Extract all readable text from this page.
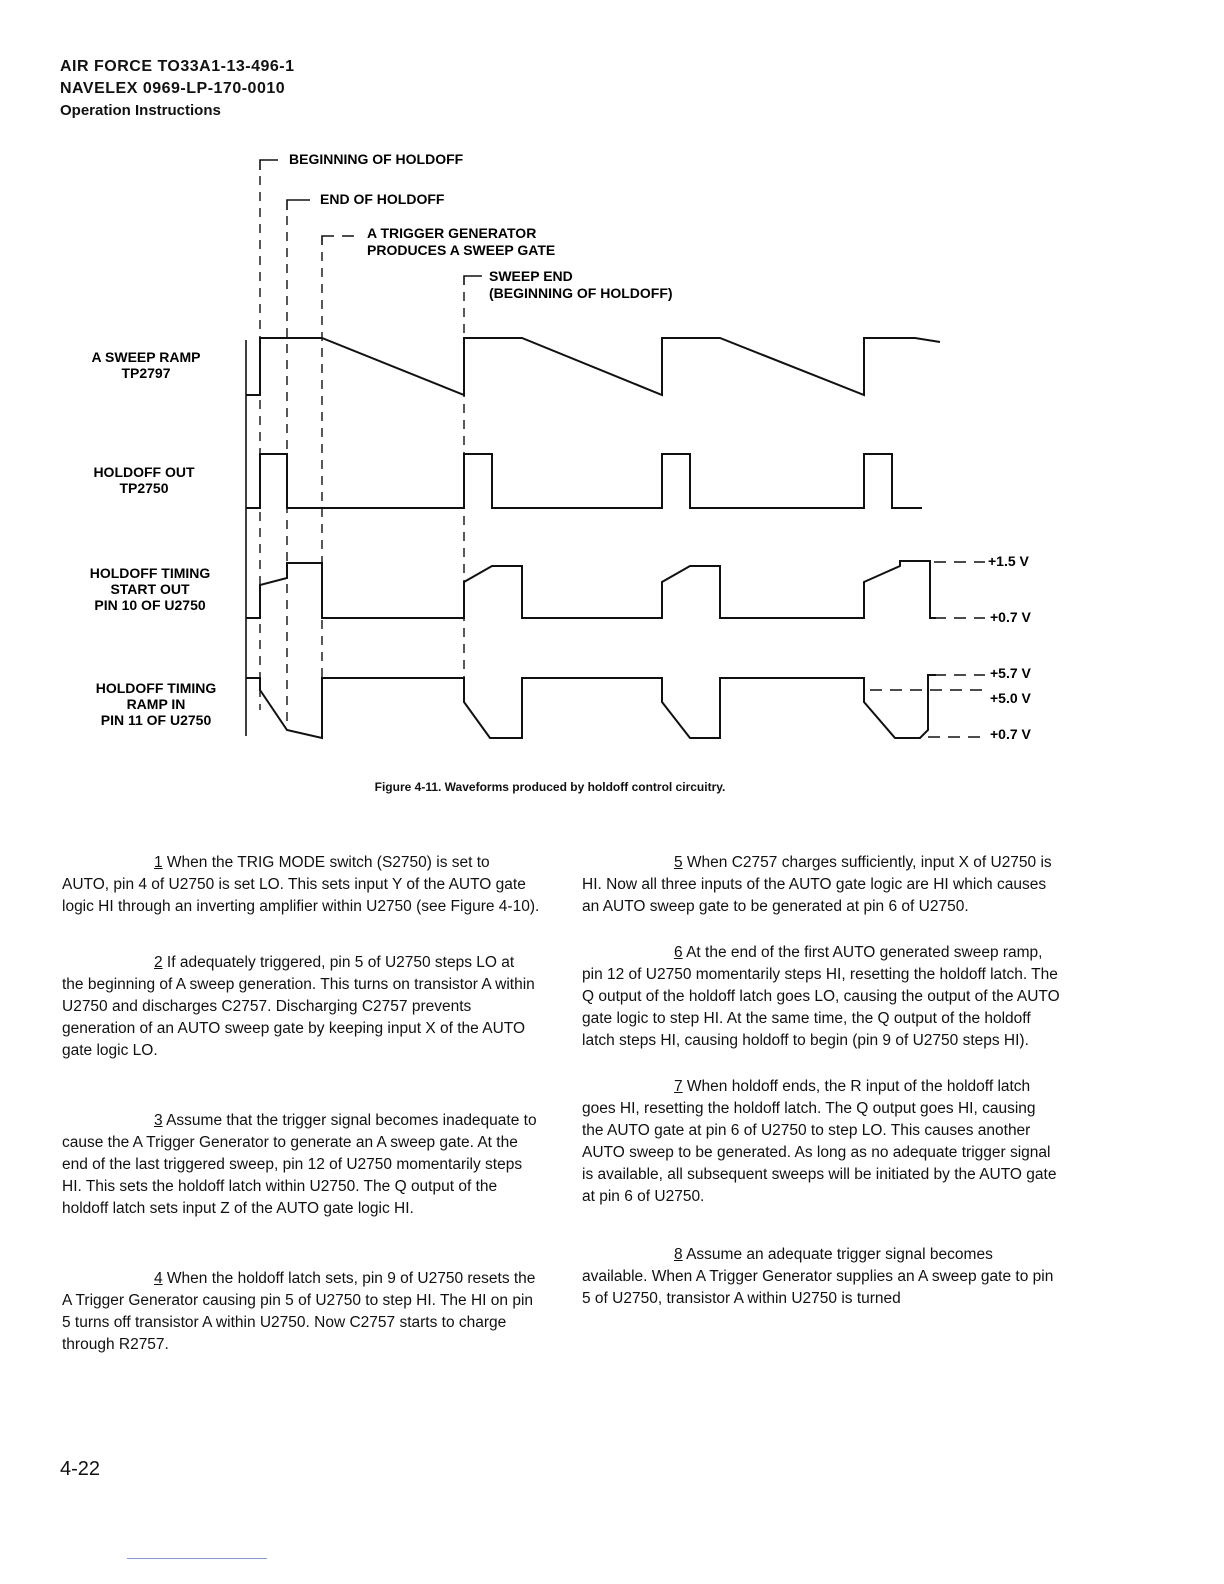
AIR FORCE TO33A1-13-496-1
NAVELEX 0969-LP-170-0010
Operation Instructions
BEGINNING OF HOLDOFF
END OF HOLDOFF
A TRIGGER GENERATOR
PRODUCES A SWEEP GATE
SWEEP END
(BEGINNING OF HOLDOFF)
A SWEEP RAMP
TP2797
HOLDOFF OUT
TP2750
HOLDOFF TIMING
START OUT
PIN 10 OF U2750
HOLDOFF TIMING
RAMP IN
PIN 11 OF U2750
+1.5 V
+0.7 V
+5.7 V
+5.0 V
+0.7 V
Figure 4-11. Waveforms produced by holdoff control circuitry.

1 When the TRIG MODE switch (S2750) is set to AUTO, pin 4 of U2750 is set LO. This sets input Y of the AUTO gate logic HI through an inverting amplifier within U2750 (see Figure 4-10).

2 If adequately triggered, pin 5 of U2750 steps LO at the beginning of A sweep generation. This turns on transistor A within U2750 and discharges C2757. Discharging C2757 prevents generation of an AUTO sweep gate by keeping input X of the AUTO gate logic LO.

3 Assume that the trigger signal becomes inadequate to cause the A Trigger Generator to generate an A sweep gate. At the end of the last triggered sweep, pin 12 of U2750 momentarily steps HI. This sets the holdoff latch within U2750. The Q output of the holdoff latch sets input Z of the AUTO gate logic HI.

4 When the holdoff latch sets, pin 9 of U2750 resets the A Trigger Generator causing pin 5 of U2750 to step HI. The HI on pin 5 turns off transistor A within U2750. Now C2757 starts to charge through R2757.

5 When C2757 charges sufficiently, input X of U2750 is HI. Now all three inputs of the AUTO gate logic are HI which causes an AUTO sweep gate to be generated at pin 6 of U2750.

6 At the end of the first AUTO generated sweep ramp, pin 12 of U2750 momentarily steps HI, resetting the holdoff latch. The Q output of the holdoff latch goes LO, causing the output of the AUTO gate logic to step HI. At the same time, the Q output of the holdoff latch steps HI, causing holdoff to begin (pin 9 of U2750 steps HI).

7 When holdoff ends, the R input of the holdoff latch goes HI, resetting the holdoff latch. The Q output goes HI, causing the AUTO gate at pin 6 of U2750 to step LO. This causes another AUTO sweep to be generated. As long as no adequate trigger signal is available, all subsequent sweeps will be initiated by the AUTO gate at pin 6 of U2750.

8 Assume an adequate trigger signal becomes available. When A Trigger Generator supplies an A sweep gate to pin 5 of U2750, transistor A within U2750 is turned

4-22
